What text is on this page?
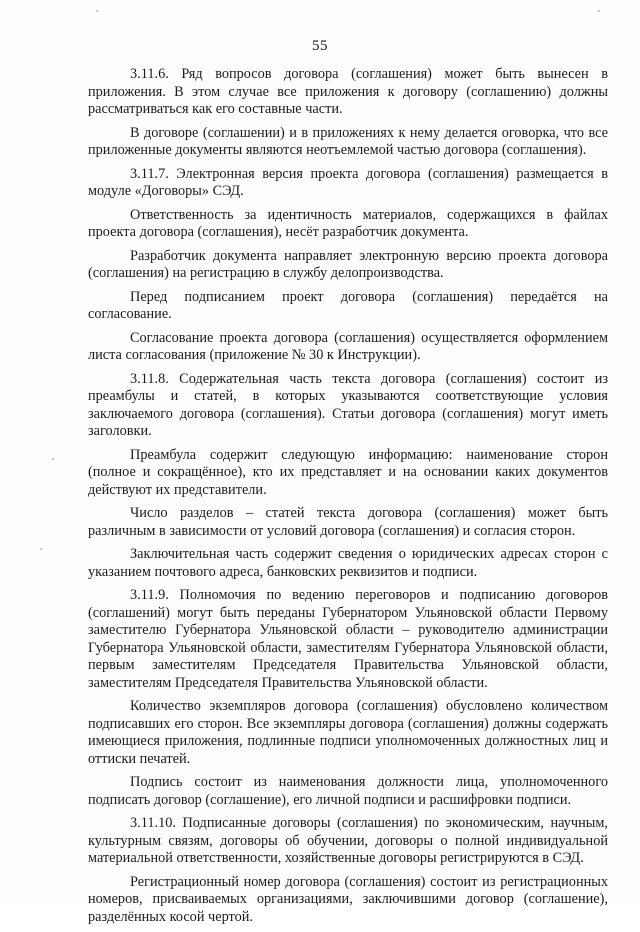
55

3.11.6. Ряд вопросов договора (соглашения) может быть вынесен в приложения. В этом случае все приложения к договору (соглашению) должны рассматриваться как его составные части.

В договоре (соглашении) и в приложениях к нему делается оговорка, что все приложенные документы являются неотъемлемой частью договора (соглашения).

3.11.7. Электронная версия проекта договора (соглашения) размещается в модуле «Договоры» СЭД.

Ответственность за идентичность материалов, содержащихся в файлах проекта договора (соглашения), несёт разработчик документа.

Разработчик документа направляет электронную версию проекта договора (соглашения) на регистрацию в службу делопроизводства.

Перед подписанием проект договора (соглашения) передаётся на согласование.

Согласование проекта договора (соглашения) осуществляется оформлением листа согласования (приложение № 30 к Инструкции).

3.11.8. Содержательная часть текста договора (соглашения) состоит из преамбулы и статей, в которых указываются соответствующие условия заключаемого договора (соглашения). Статьи договора (соглашения) могут иметь заголовки.

Преамбула содержит следующую информацию: наименование сторон (полное и сокращённое), кто их представляет и на основании каких документов действуют их представители.

Число разделов – статей текста договора (соглашения) может быть различным в зависимости от условий договора (соглашения) и согласия сторон.

Заключительная часть содержит сведения о юридических адресах сторон с указанием почтового адреса, банковских реквизитов и подписи.

3.11.9. Полномочия по ведению переговоров и подписанию договоров (соглашений) могут быть переданы Губернатором Ульяновской области Первому заместителю Губернатора Ульяновской области – руководителю администрации Губернатора Ульяновской области, заместителям Губернатора Ульяновской области, первым заместителям Председателя Правительства Ульяновской области, заместителям Председателя Правительства Ульяновской области.

Количество экземпляров договора (соглашения) обусловлено количеством подписавших его сторон. Все экземпляры договора (соглашения) должны содержать имеющиеся приложения, подлинные подписи уполномоченных должностных лиц и оттиски печатей.

Подпись состоит из наименования должности лица, уполномоченного подписать договор (соглашение), его личной подписи и расшифровки подписи.

3.11.10. Подписанные договоры (соглашения) по экономическим, научным, культурным связям, договоры об обучении, договоры о полной индивидуальной материальной ответственности, хозяйственные договоры регистрируются в СЭД.

Регистрационный номер договора (соглашения) состоит из регистрационных номеров, присваиваемых организациями, заключившими договор (соглашение), разделённых косой чертой.
